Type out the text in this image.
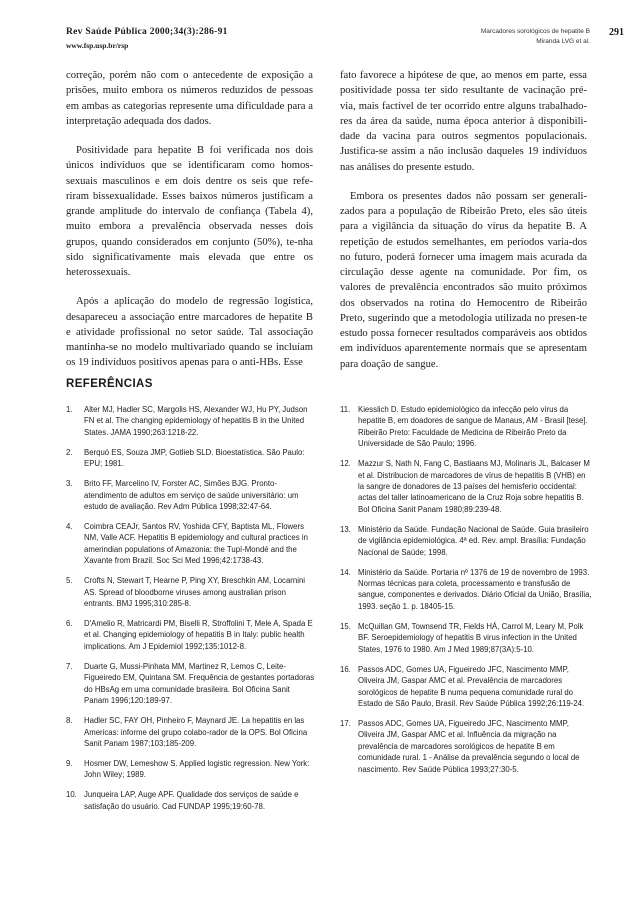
Rev Saúde Pública 2000;34(3):286-91
www.fsp.usp.br/rsp
Marcadores sorológicos de hepatite B
Miranda LVG et al.
291

correção, porém não com o antecedente de exposição a prisões, muito embora os números reduzidos de pessoas em ambas as categorias represente uma dificuldade para a interpretação adequada dos dados.

Positividade para hepatite B foi verificada nos dois únicos indivíduos que se identificaram como homos-sexuais masculinos e em dois dentre os seis que refe-riram bissexualidade. Esses baixos números justificam a grande amplitude do intervalo de confiança (Tabela 4), muito embora a prevalência observada nesses dois grupos, quando considerados em conjunto (50%), te-nha sido significativamente mais elevada que entre os heterossexuais.

Após a aplicação do modelo de regressão logística, desapareceu a associação entre marcadores de hepatite B e atividade profissional no setor saúde. Tal associação mantinha-se no modelo multivariado quando se incluíam os 19 indivíduos positivos apenas para o anti-HBs. Esse

fato favorece a hipótese de que, ao menos em parte, essa positividade possa ter sido resultante de vacinação pré-via, mais factível de ter ocorrido entre alguns trabalhado-res da área da saúde, numa época anterior à disponibili-dade da vacina para outros segmentos populacionais. Justifica-se assim a não inclusão daqueles 19 indivíduos nas análises do presente estudo.

Embora os presentes dados não possam ser generali-zados para a população de Ribeirão Preto, eles são úteis para a vigilância da situação do vírus da hepatite B. A repetição de estudos semelhantes, em períodos varia-dos no futuro, poderá fornecer uma imagem mais acurada da circulação desse agente na comunidade. Por fim, os valores de prevalência encontrados são muito próximos dos observados na rotina do Hemocentro de Ribeirão Preto, sugerindo que a metodologia utilizada no presen-te estudo possa fornecer resultados comparáveis aos obtidos em indivíduos aparentemente normais que se apresentam para doação de sangue.

REFERÊNCIAS
1.	Alter MJ, Hadler SC, Margolis HS, Alexander WJ, Hu PY, Judson FN et al. The changing epidemiology of hepatitis B in the United States. JAMA 1990;263:1218-22.
2.	Berquó ES, Souza JMP, Gotlieb SLD. Bioestatística. São Paulo: EPU; 1981.
3.	Brito FF, Marcelino IV, Forster AC, Simões BJG. Pronto-atendimento de adultos em serviço de saúde universitário: um estudo de avaliação. Rev Adm Pública 1998;32:47-64.
4.	Coimbra CEAJr, Santos RV, Yoshida CFY, Baptista ML, Flowers NM, Valle ACF. Hepatitis B epidemiology and cultural practices in amerindian populations of Amazonia: the Tupí-Mondé and the Xavante from Brazil. Soc Sci Med 1996;42:1738-43.
5.	Crofts N, Stewart T, Hearne P, Ping XY, Breschkin AM, Locarnini AS. Spread of bloodborne viruses among australian prison entrants. BMJ 1995;310:285-8.
6.	D'Amelio R, Matricardi PM, Biselli R, Stroffolini T, Mele A, Spada E et al. Changing epidemiology of hepatitis B in Italy: public health implications. Am J Epidemiol 1992;135:1012-8.
7.	Duarte G, Mussi-Pinhata MM, Martinez R, Lemos C, Leite-Figueiredo EM, Quintana SM. Frequência de gestantes portadoras do HBsAg em uma comunidade brasileira. Bol Oficina Sanit Panam 1996;120:189-97.
8.	Hadler SC, FAY OH, Pinheiro F, Maynard JE. La hepatitis en las Americas: informe del grupo colabo-rador de la OPS. Bol Oficina Sanit Panam 1987;103:185-209.
9.	Hosmer DW, Lemeshow S. Applied logistic regression. New York: John Wiley; 1989.
10. Junqueira LAP, Auge APF. Qualidade dos serviços de saúde e satisfação do usuário. Cad FUNDAP 1995;19:60-78.
11. Kiesslich D. Estudo epidemiológico da infecção pelo vírus da hepatite B, em doadores de sangue de Manaus, AM - Brasil [tese]. Ribeirão Preto: Faculdade de Medicina de Ribeirão Preto da Universidade de São Paulo; 1996.
12. Mazzur S, Nath N, Fang C, Bastiaans MJ, Molinaris JL, Balcaser M et al. Distribucion de marcadores de vírus de hepatitis B (VHB) en la sangre de donadores de 13 países del hemisferio occidental: actas del taller latinoamericano de la Cruz Roja sobre hepatitis B. Bol Oficina Sanit Panam 1980;89:239-48.
13. Ministério da Saúde. Fundação Nacional de Saúde. Guia brasileiro de vigilância epidemiológica. 4ª ed. Rev. ampl. Brasília: Fundação Nacional de Saúde; 1998.
14. Ministério da Saúde. Portaria nº 1376 de 19 de novembro de 1993. Normas técnicas para coleta, processamento e transfusão de sangue, componentes e derivados. Diário Oficial da União, Brasília, 1993. seção 1. p. 18405-15.
15. McQuillan GM, Townsend TR, Fields HÁ, Carrol M, Leary M, Polk BF. Seroepidemiology of hepatitis B virus infection in the United States, 1976 to 1980. Am J Med 1989;87(3A):5-10.
16. Passos ADC, Gomes UA, Figueiredo JFC, Nascimento MMP, Oliveira JM, Gaspar AMC et al. Prevalência de marcadores sorológicos de hepatite B numa pequena comunidade rural do Estado de São Paulo, Brasil. Rev Saúde Pública 1992;26:119-24.
17. Passos ADC, Gomes UA, Figueiredo JFC, Nascimento MMP, Oliveira JM, Gaspar AMC et al. Influência da migração na prevalência de marcadores sorológicos de hepatite B em comunidade rural. 1 - Análise da prevalência segundo o local de nascimento. Rev Saúde Pública 1993;27:30-5.
